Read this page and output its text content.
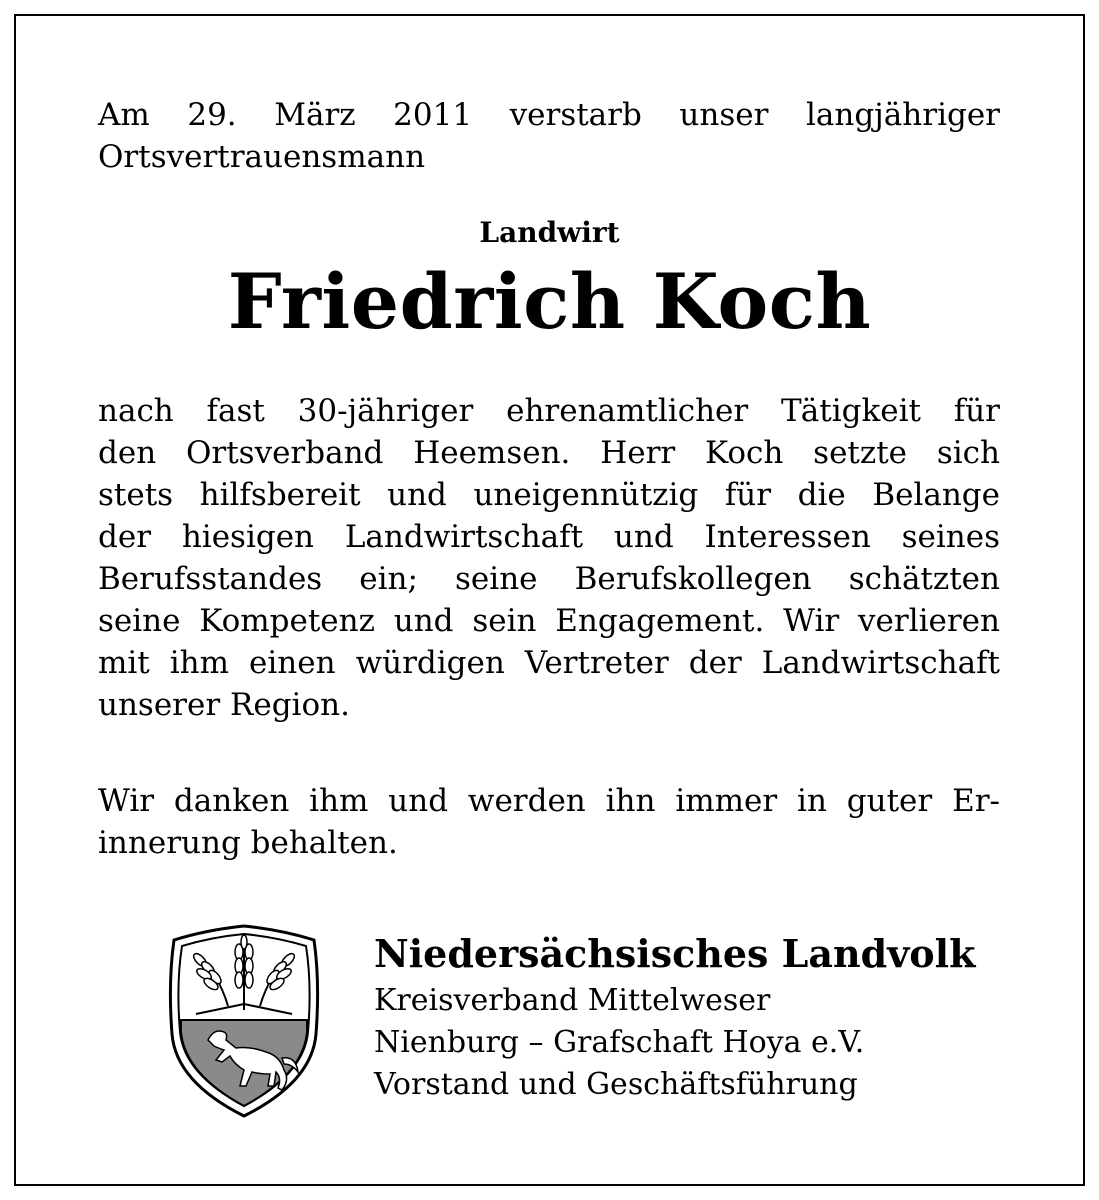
Am 29. März 2011 verstarb unser langjähriger
Ortsvertrauensmann

Landwirt

Friedrich Koch

nach fast 30-jähriger ehrenamtlicher Tätigkeit für
den Ortsverband Heemsen. Herr Koch setzte sich
stets hilfsbereit und uneigennützig für die Belange
der hiesigen Landwirtschaft und Interessen seines
Berufsstandes ein; seine Berufskollegen schätzten
seine Kompetenz und sein Engagement. Wir verlieren
mit ihm einen würdigen Vertreter der Landwirtschaft
unserer Region.

Wir danken ihm und werden ihn immer in guter Er-
innerung behalten.

Niedersächsisches Landvolk

Kreisverband Mittelweser

Nienburg – Grafschaft Hoya e.V.

Vorstand und Geschäftsführung
